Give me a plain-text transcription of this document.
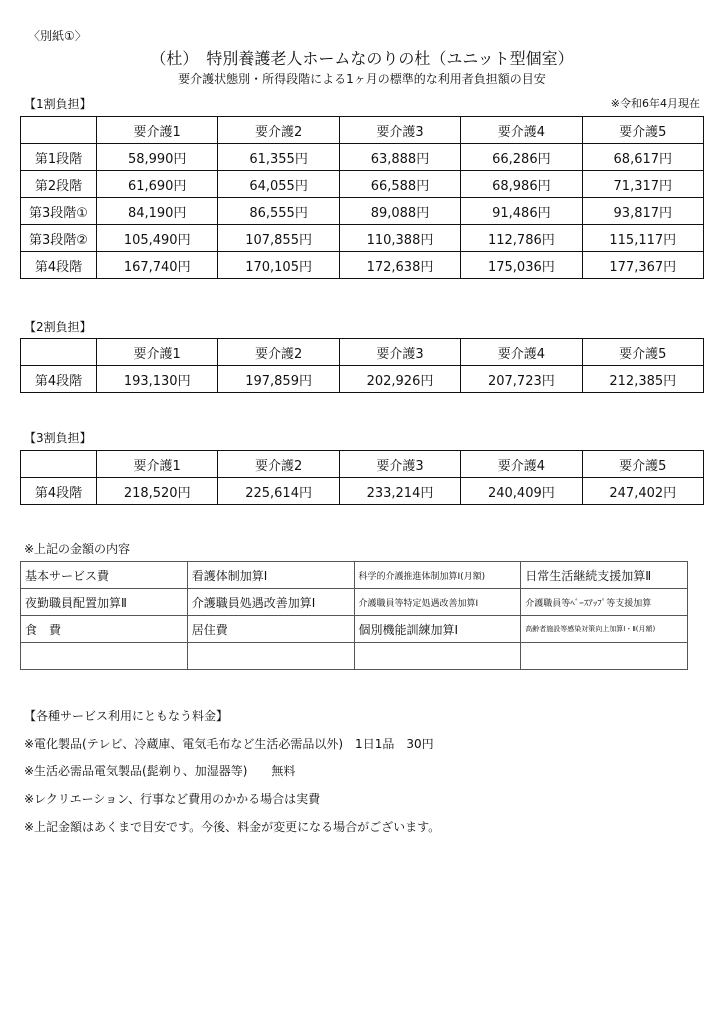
〈別紙①〉
（杜）　特別養護老人ホームなのりの杜（ユニット型個室）
要介護状態別・所得段階による1ヶ月の標準的な利用者負担額の目安
※令和6年4月現在
【1割負担】
	要介護1	要介護2	要介護3	要介護4	要介護5
第1段階	58,990円	61,355円	63,888円	66,286円	68,617円
第2段階	61,690円	64,055円	66,588円	68,986円	71,317円
第3段階①	84,190円	86,555円	89,088円	91,486円	93,817円
第3段階②	105,490円	107,855円	110,388円	112,786円	115,117円
第4段階	167,740円	170,105円	172,638円	175,036円	177,367円
【2割負担】
	要介護1	要介護2	要介護3	要介護4	要介護5
第4段階	193,130円	197,859円	202,926円	207,723円	212,385円
【3割負担】
	要介護1	要介護2	要介護3	要介護4	要介護5
第4段階	218,520円	225,614円	233,214円	240,409円	247,402円
※上記の金額の内容
基本サービス費	看護体制加算Ⅰ	科学的介護推進体制加算Ⅰ(月額)	日常生活継続支援加算Ⅱ
夜勤職員配置加算Ⅱ	介護職員処遇改善加算Ⅰ	介護職員等特定処遇改善加算Ⅰ	介護職員等ﾍﾞｰｽｱｯﾌﾟ等支援加算
食　費	居住費	個別機能訓練加算Ⅰ	高齢者施設等感染対策向上加算Ⅰ・Ⅱ(月額)

【各種サービス利用にともなう料金】
※電化製品(テレビ、冷蔵庫、電気毛布など生活必需品以外)　1日1品　30円
※生活必需品電気製品(髭剃り、加湿器等)　　無料
※レクリエーション、行事など費用のかかる場合は実費
※上記金額はあくまで目安です。今後、料金が変更になる場合がございます。
